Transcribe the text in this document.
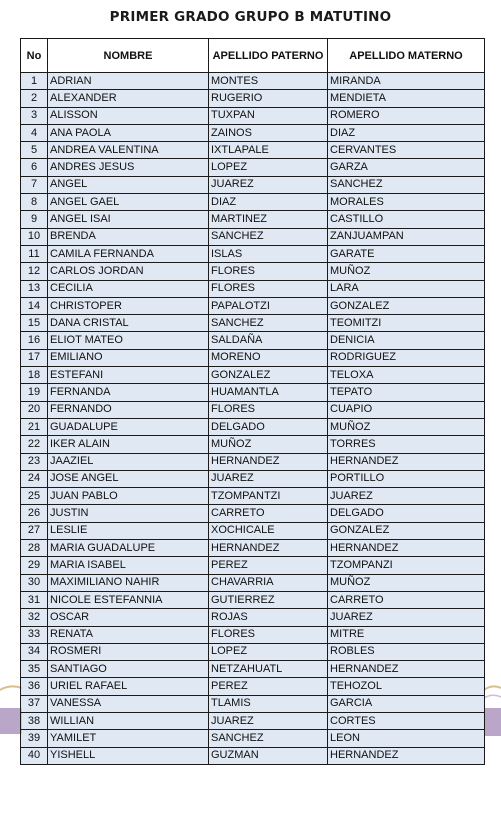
PRIMER GRADO GRUPO B MATUTINO
No	NOMBRE	APELLIDO PATERNO	APELLIDO MATERNO
1	ADRIAN	MONTES	MIRANDA
2	ALEXANDER	RUGERIO	MENDIETA
3	ALISSON	TUXPAN	ROMERO
4	ANA PAOLA	ZAINOS	DIAZ
5	ANDREA VALENTINA	IXTLAPALE	CERVANTES
6	ANDRES JESUS	LOPEZ	GARZA
7	ANGEL	JUAREZ	SANCHEZ
8	ANGEL GAEL	DIAZ	MORALES
9	ANGEL ISAI	MARTINEZ	CASTILLO
10	BRENDA	SANCHEZ	ZANJUAMPAN
11	CAMILA FERNANDA	ISLAS	GARATE
12	CARLOS JORDAN	FLORES	MUÑOZ
13	CECILIA	FLORES	LARA
14	CHRISTOPER	PAPALOTZI	GONZALEZ
15	DANA CRISTAL	SANCHEZ	TEOMITZI
16	ELIOT MATEO	SALDAÑA	DENICIA
17	EMILIANO	MORENO	RODRIGUEZ
18	ESTEFANI	GONZALEZ	TELOXA
19	FERNANDA	HUAMANTLA	TEPATO
20	FERNANDO	FLORES	CUAPIO
21	GUADALUPE	DELGADO	MUÑOZ
22	IKER ALAIN	MUÑOZ	TORRES
23	JAAZIEL	HERNANDEZ	HERNANDEZ
24	JOSE ANGEL	JUAREZ	PORTILLO
25	JUAN PABLO	TZOMPANTZI	JUAREZ
26	JUSTIN	CARRETO	DELGADO
27	LESLIE	XOCHICALE	GONZALEZ
28	MARIA GUADALUPE	HERNANDEZ	HERNANDEZ
29	MARIA ISABEL	PEREZ	TZOMPANZI
30	MAXIMILIANO NAHIR	CHAVARRIA	MUÑOZ
31	NICOLE ESTEFANNIA	GUTIERREZ	CARRETO
32	OSCAR	ROJAS	JUAREZ
33	RENATA	FLORES	MITRE
34	ROSMERI	LOPEZ	ROBLES
35	SANTIAGO	NETZAHUATL	HERNANDEZ
36	URIEL RAFAEL	PEREZ	TEHOZOL
37	VANESSA	TLAMIS	GARCIA
38	WILLIAN	JUAREZ	CORTES
39	YAMILET	SANCHEZ	LEON
40	YISHELL	GUZMAN	HERNANDEZ
